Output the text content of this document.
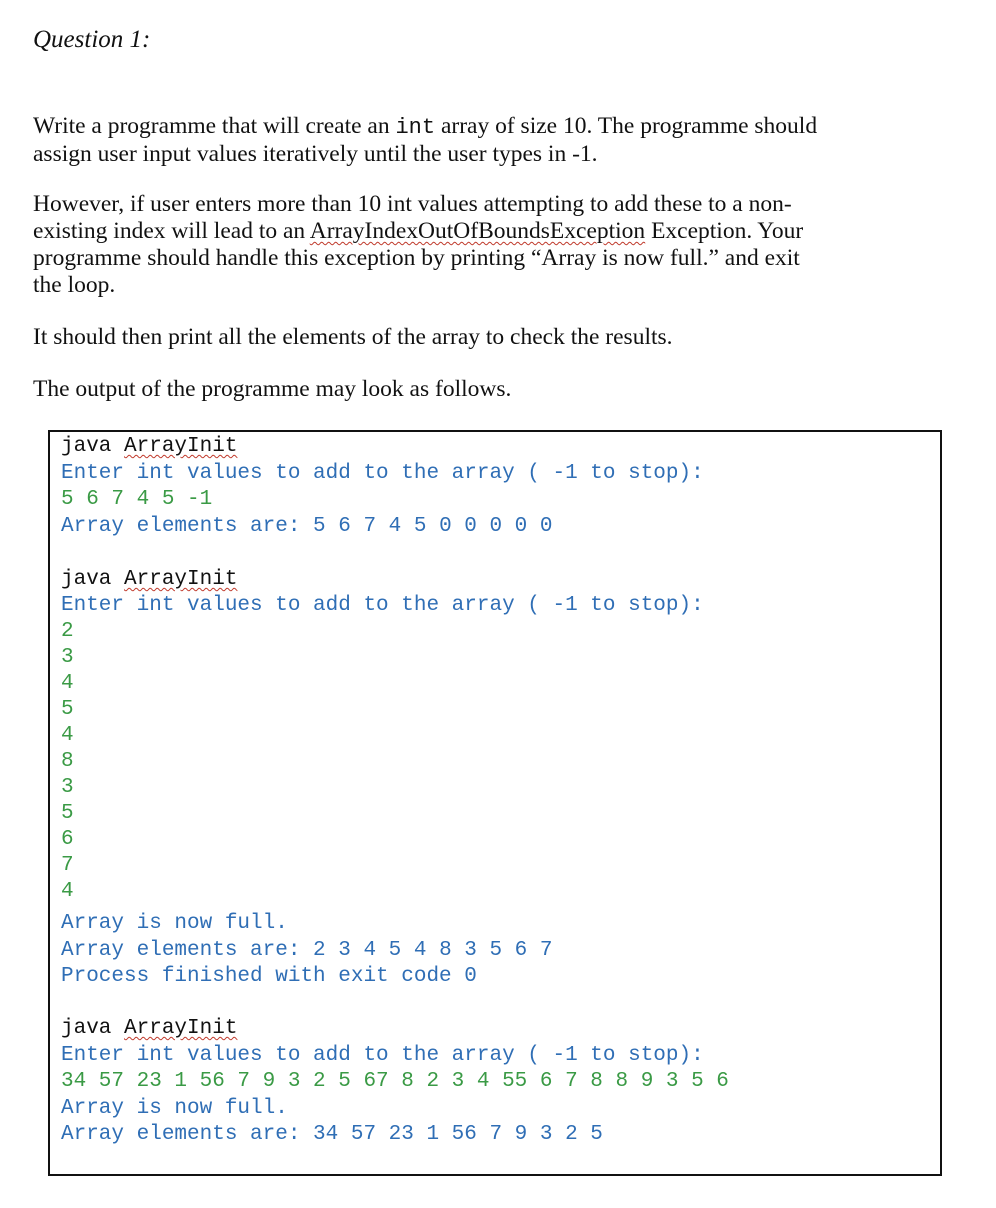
Question 1:

Write a programme that will create an int array of size 10. The programme should
assign user input values iteratively until the user types in -1.

However, if user enters more than 10 int values attempting to add these to a non-
existing index will lead to an ArrayIndexOutOfBoundsException Exception. Your
programme should handle this exception by printing “Array is now full.” and exit
the loop.

It should then print all the elements of the array to check the results.

The output of the programme may look as follows.

java ArrayInit
Enter int values to add to the array ( -1 to stop):
5 6 7 4 5 -1
Array elements are: 5 6 7 4 5 0 0 0 0 0
java ArrayInit
Enter int values to add to the array ( -1 to stop):
2
3
4
5
4
8
3
5
6
7
4
Array is now full.
Array elements are: 2 3 4 5 4 8 3 5 6 7
Process finished with exit code 0
java ArrayInit
Enter int values to add to the array ( -1 to stop):
34 57 23 1 56 7 9 3 2 5 67 8 2 3 4 55 6 7 8 8 9 3 5 6
Array is now full.
Array elements are: 34 57 23 1 56 7 9 3 2 5
